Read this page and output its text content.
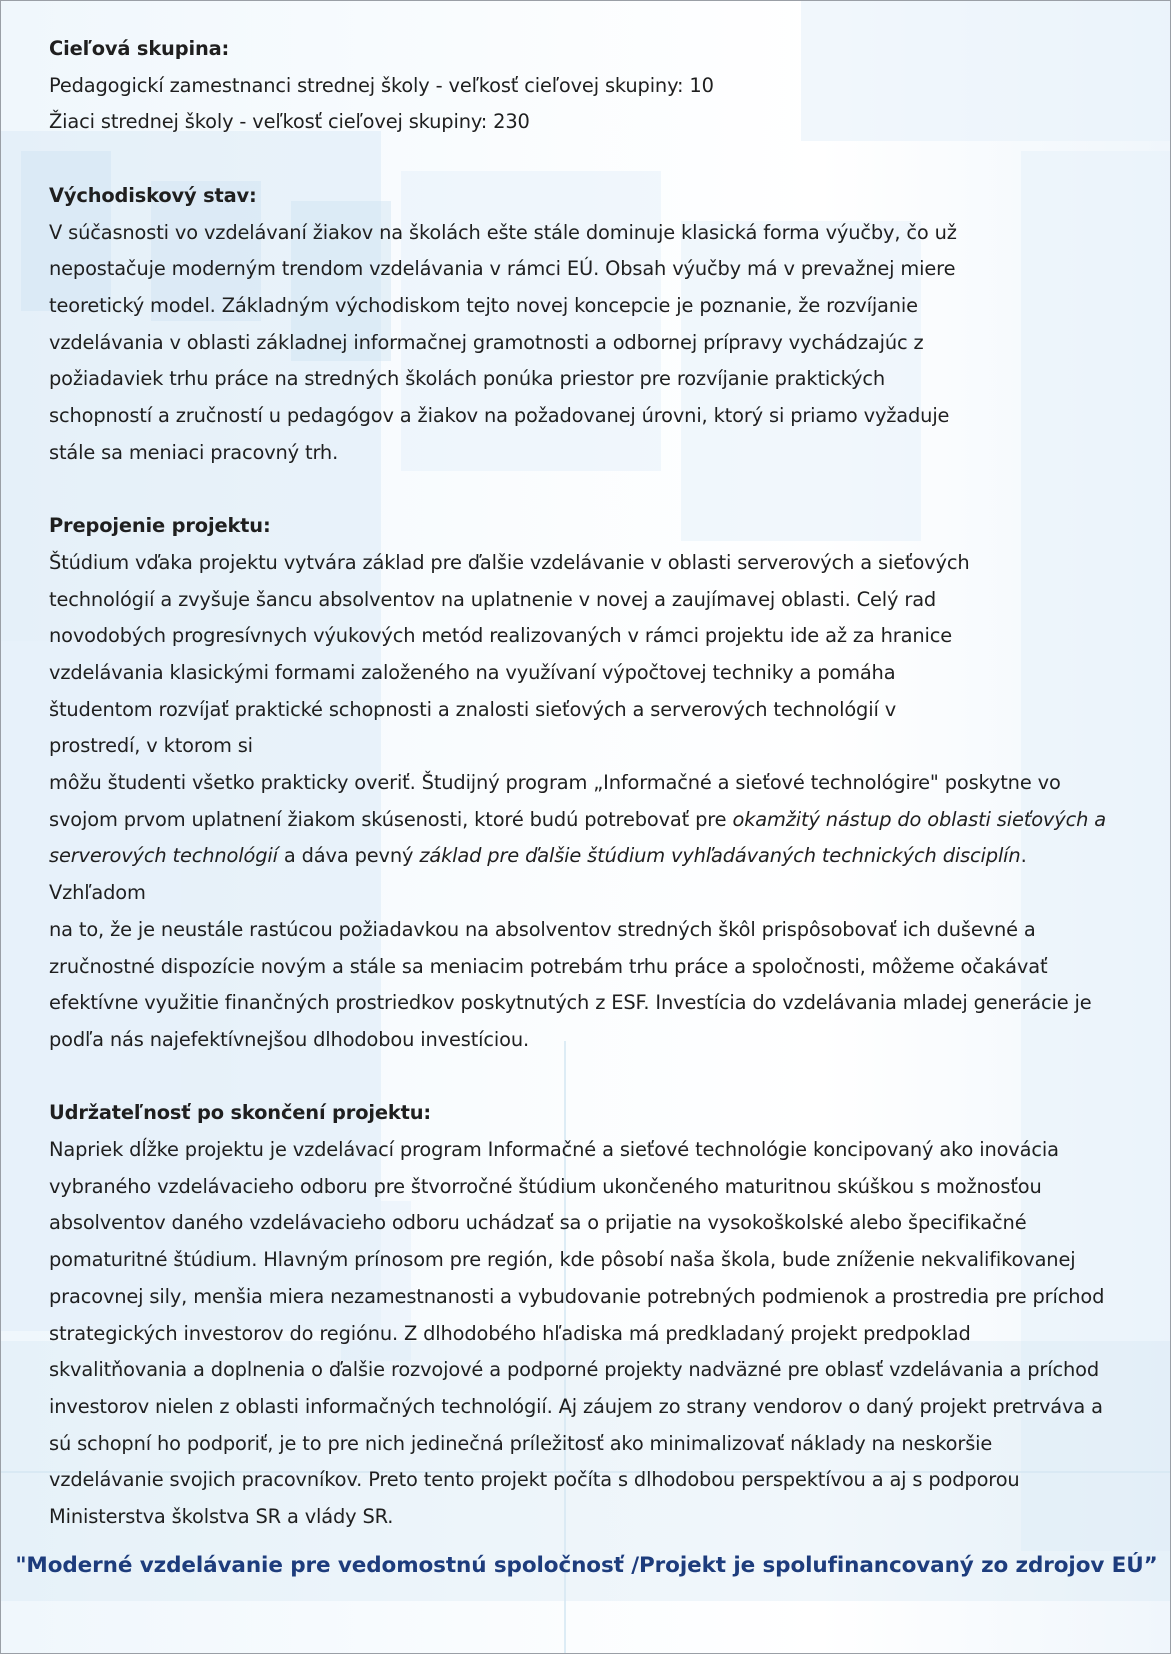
Cieľová skupina:

Pedagogickí zamestnanci strednej školy - veľkosť cieľovej skupiny: 10

Žiaci strednej školy - veľkosť cieľovej skupiny: 230

Východiskový stav:

V súčasnosti vo vzdelávaní žiakov na školách ešte stále dominuje klasická forma výučby, čo už

nepostačuje moderným trendom vzdelávania v rámci EÚ. Obsah výučby má v prevažnej miere

teoretický model. Základným východiskom tejto novej koncepcie je poznanie, že rozvíjanie

vzdelávania v oblasti základnej informačnej gramotnosti a odbornej prípravy vychádzajúc z

požiadaviek trhu práce na stredných školách ponúka priestor pre rozvíjanie praktických

schopností a zručností u pedagógov a žiakov na požadovanej úrovni, ktorý si priamo vyžaduje

stále sa meniaci pracovný trh.

Prepojenie projektu:

Štúdium vďaka projektu vytvára základ pre ďalšie vzdelávanie v oblasti serverových a sieťových

technológií a zvyšuje šancu absolventov na uplatnenie v novej a zaujímavej oblasti. Celý rad

novodobých progresívnych výukových metód realizovaných v rámci projektu ide až za hranice

vzdelávania klasickými formami založeného na využívaní výpočtovej techniky a pomáha

študentom rozvíjať praktické schopnosti a znalosti sieťových a serverových technológií v

prostredí, v ktorom si

môžu študenti všetko prakticky overiť. Študijný program „Informačné a sieťové technológire" poskytne vo

svojom prvom uplatnení žiakom skúsenosti, ktoré budú potrebovať pre okamžitý nástup do oblasti sieťových a

serverových technológií a dáva pevný základ pre ďalšie štúdium vyhľadávaných technických disciplín. Vzhľadom

na to, že je neustále rastúcou požiadavkou na absolventov stredných škôl prispôsobovať ich duševné a

zručnostné dispozície novým a stále sa meniacim potrebám trhu práce a spoločnosti, môžeme očakávať

efektívne využitie finančných prostriedkov poskytnutých z ESF. Investícia do vzdelávania mladej generácie je

podľa nás najefektívnejšou dlhodobou investíciou.

Udržateľnosť po skončení projektu:

Napriek dĺžke projektu je vzdelávací program Informačné a sieťové technológie koncipovaný ako inovácia

vybraného vzdelávacieho odboru pre štvorročné štúdium ukončeného maturitnou skúškou s možnosťou

absolventov daného vzdelávacieho odboru uchádzať sa o prijatie na vysokoškolské alebo špecifikačné

pomaturitné štúdium. Hlavným prínosom pre región, kde pôsobí naša škola, bude zníženie nekvalifikovanej

pracovnej sily, menšia miera nezamestnanosti a vybudovanie potrebných podmienok a prostredia pre príchod

strategických investorov do regiónu. Z dlhodobého hľadiska má predkladaný projekt predpoklad

skvalitňovania a doplnenia o ďalšie rozvojové a podporné projekty nadväzné pre oblasť vzdelávania a príchod

investorov nielen z oblasti informačných technológií. Aj záujem zo strany vendorov o daný projekt pretrváva a

sú schopní ho podporiť, je to pre nich jedinečná príležitosť ako minimalizovať náklady na neskoršie

vzdelávanie svojich pracovníkov. Preto tento projekt počíta s dlhodobou perspektívou a aj s podporou

Ministerstva školstva SR a vlády SR.

"Moderné vzdelávanie pre vedomostnú spoločnosť /Projekt je spolufinancovaný zo zdrojov EÚ”
